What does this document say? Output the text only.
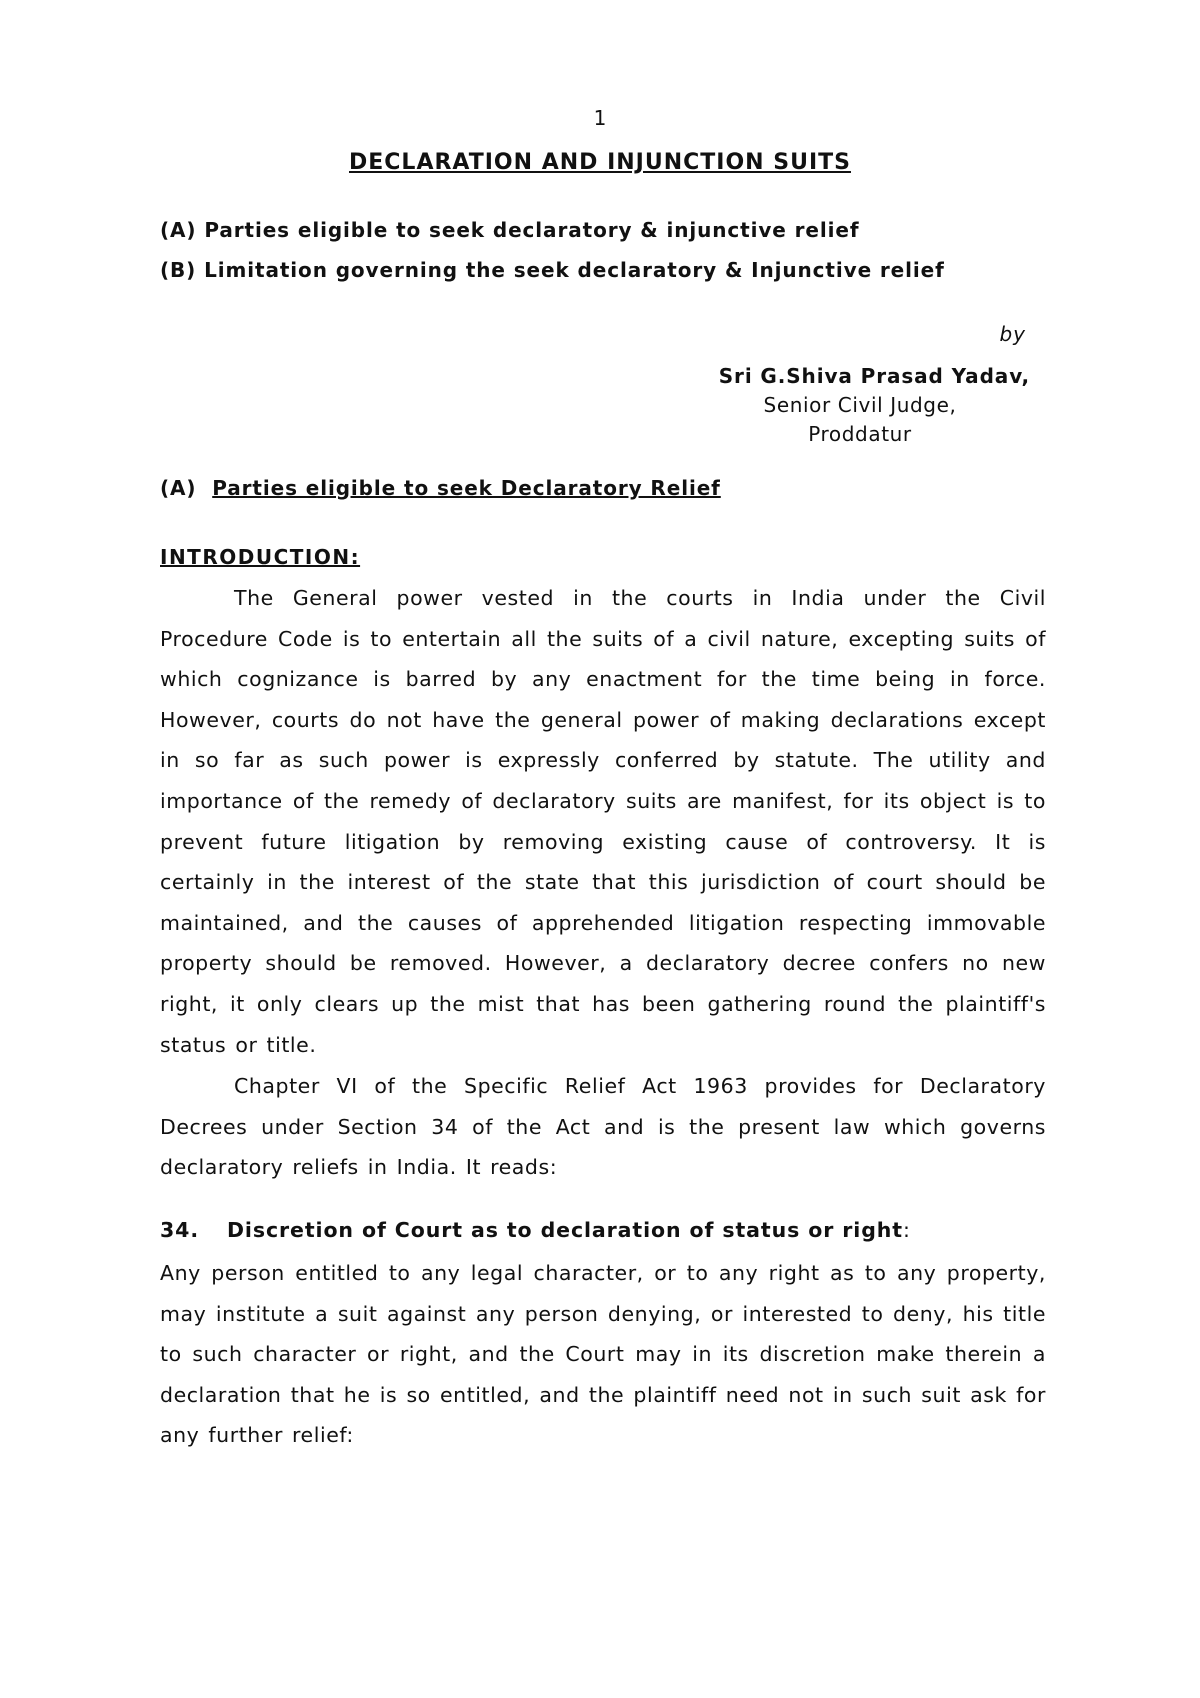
1

DECLARATION AND INJUNCTION SUITS

(A) Parties eligible to seek declaratory & injunctive relief

(B) Limitation governing the seek declaratory & Injunctive relief

by

Sri G.Shiva Prasad Yadav,

Senior Civil Judge,

Proddatur

(A) Parties eligible to seek Declaratory Relief

INTRODUCTION:

The General power vested in the courts in India under the Civil Procedure Code is to entertain all the suits of a civil nature, excepting suits of which cognizance is barred by any enactment for the time being in force. However, courts do not have the general power of making declarations except in so far as such power is expressly conferred by statute. The utility and importance of the remedy of declaratory suits are manifest, for its object is to prevent future litigation by removing existing cause of controversy. It is certainly in the interest of the state that this jurisdiction of court should be maintained, and the causes of apprehended litigation respecting immovable property should be removed. However, a declaratory decree confers no new right, it only clears up the mist that has been gathering round the plaintiff's status or title.

Chapter VI of the Specific Relief Act 1963 provides for Declaratory Decrees under Section 34 of the Act and is the present law which governs declaratory reliefs in India. It reads:

34. Discretion of Court as to declaration of status or right:

Any person entitled to any legal character, or to any right as to any property, may institute a suit against any person denying, or interested to deny, his title to such character or right, and the Court may in its discretion make therein a declaration that he is so entitled, and the plaintiff need not in such suit ask for any further relief:
